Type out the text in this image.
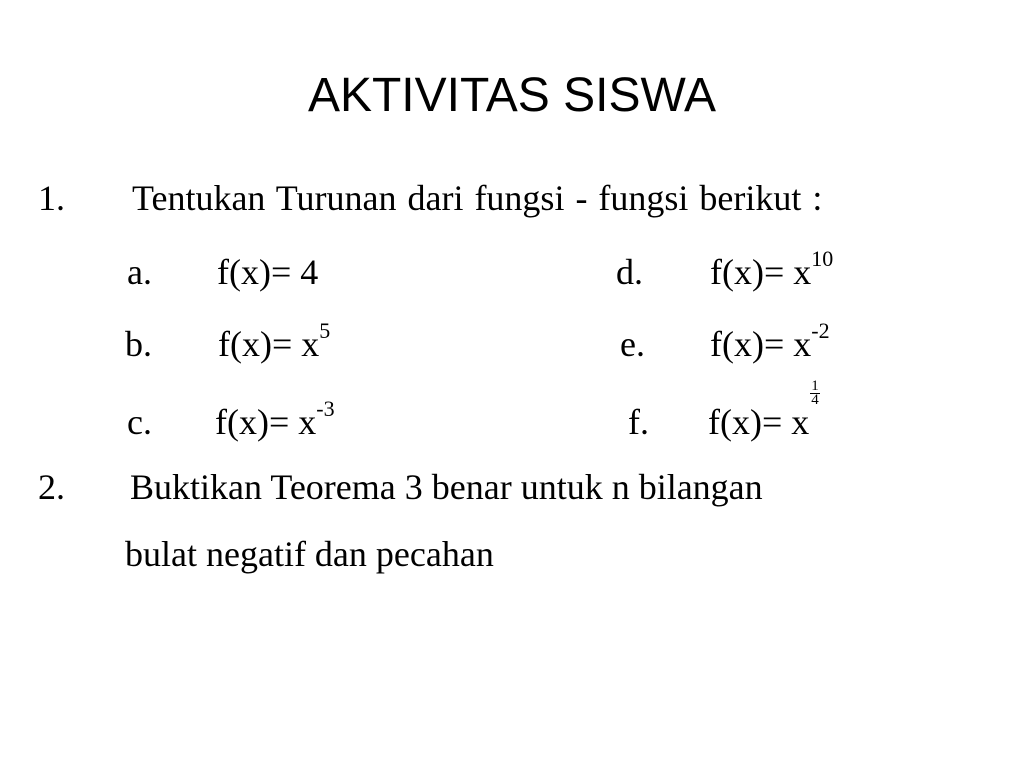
AKTIVITAS SISWA
1. Tentukan Turunan dari fungsi - fungsi berikut :
a. f(x)= 4	d. $f(x)= x^{10}$
b. $f(x)= x^5$	e. $f(x)= x^{-2}$
c. $f(x)= x^{-3}$	f. f(x)= x
$\frac{1}{4}$
2. Buktikan Teorema 3 benar untuk n bilangan
bulat negatif dan pecahan
